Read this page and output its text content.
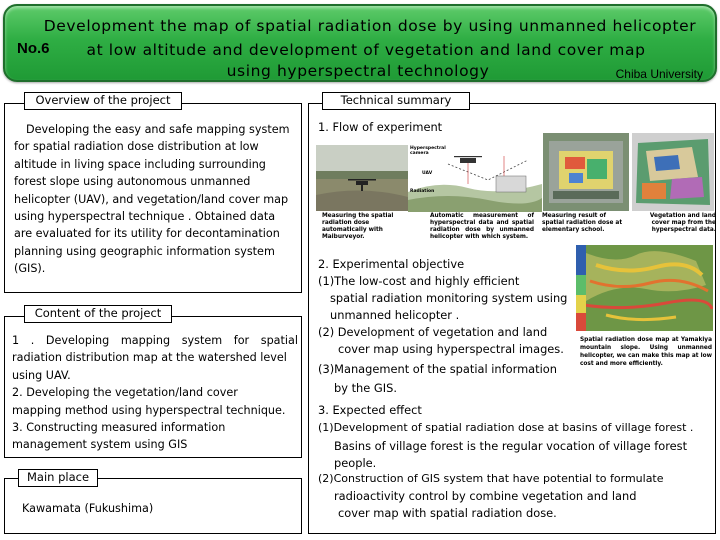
No.6
Development the map of spatial radiation dose by using unmanned helicopter
at low altitude and development of vegetation and land cover map
using hyperspectral technology	Chiba University
Overview of the project
Developing the easy and safe mapping system
for spatial radiation dose distribution at low
altitude in living space including surrounding
forest slope using autonomous unmanned
helicopter (UAV), and vegetation/land cover map
using hyperspectral technique . Obtained data
are evaluated for its utility for decontamination
planning using geographic information system
(GIS).
Content of the project
1 . Developing mapping system for spatial
radiation distribution map at the watershed level
using UAV.
2. Developing the vegetation/land cover
mapping method using hyperspectral technique.
3. Constructing measured information
management system using GIS
Main place
Kawamata (Fukushima)
Technical summary
1. Flow of experiment
Hyperspectral camera
UAV
Radiation
Measuring the spatial radiation dose automatically with Maiburveyor.
Automatic measurement of hyperspectral data and spatial radiation dose by unmanned helicopter with which system.
Measuring result of spatial radiation dose at elementary school.
Vegetation and land cover map from the hyperspectral data.
Spatial radiation dose map at Yamakiya mountain slope. Using unmanned helicopter, we can make this map at low cost and more efficiently.
2. Experimental objective
(1)The low-cost and highly efficient
spatial radiation monitoring system using
unmanned helicopter .
(2) Development of vegetation and land
cover map using hyperspectral images.
(3)Management of the spatial information
by the GIS.
3. Expected effect
(1)Development of spatial radiation dose at basins of village forest .
Basins of village forest is the regular vocation of village forest
people.
(2)Construction of GIS system that have potential to formulate
radioactivity control by combine vegetation and land
cover map with spatial radiation dose.
